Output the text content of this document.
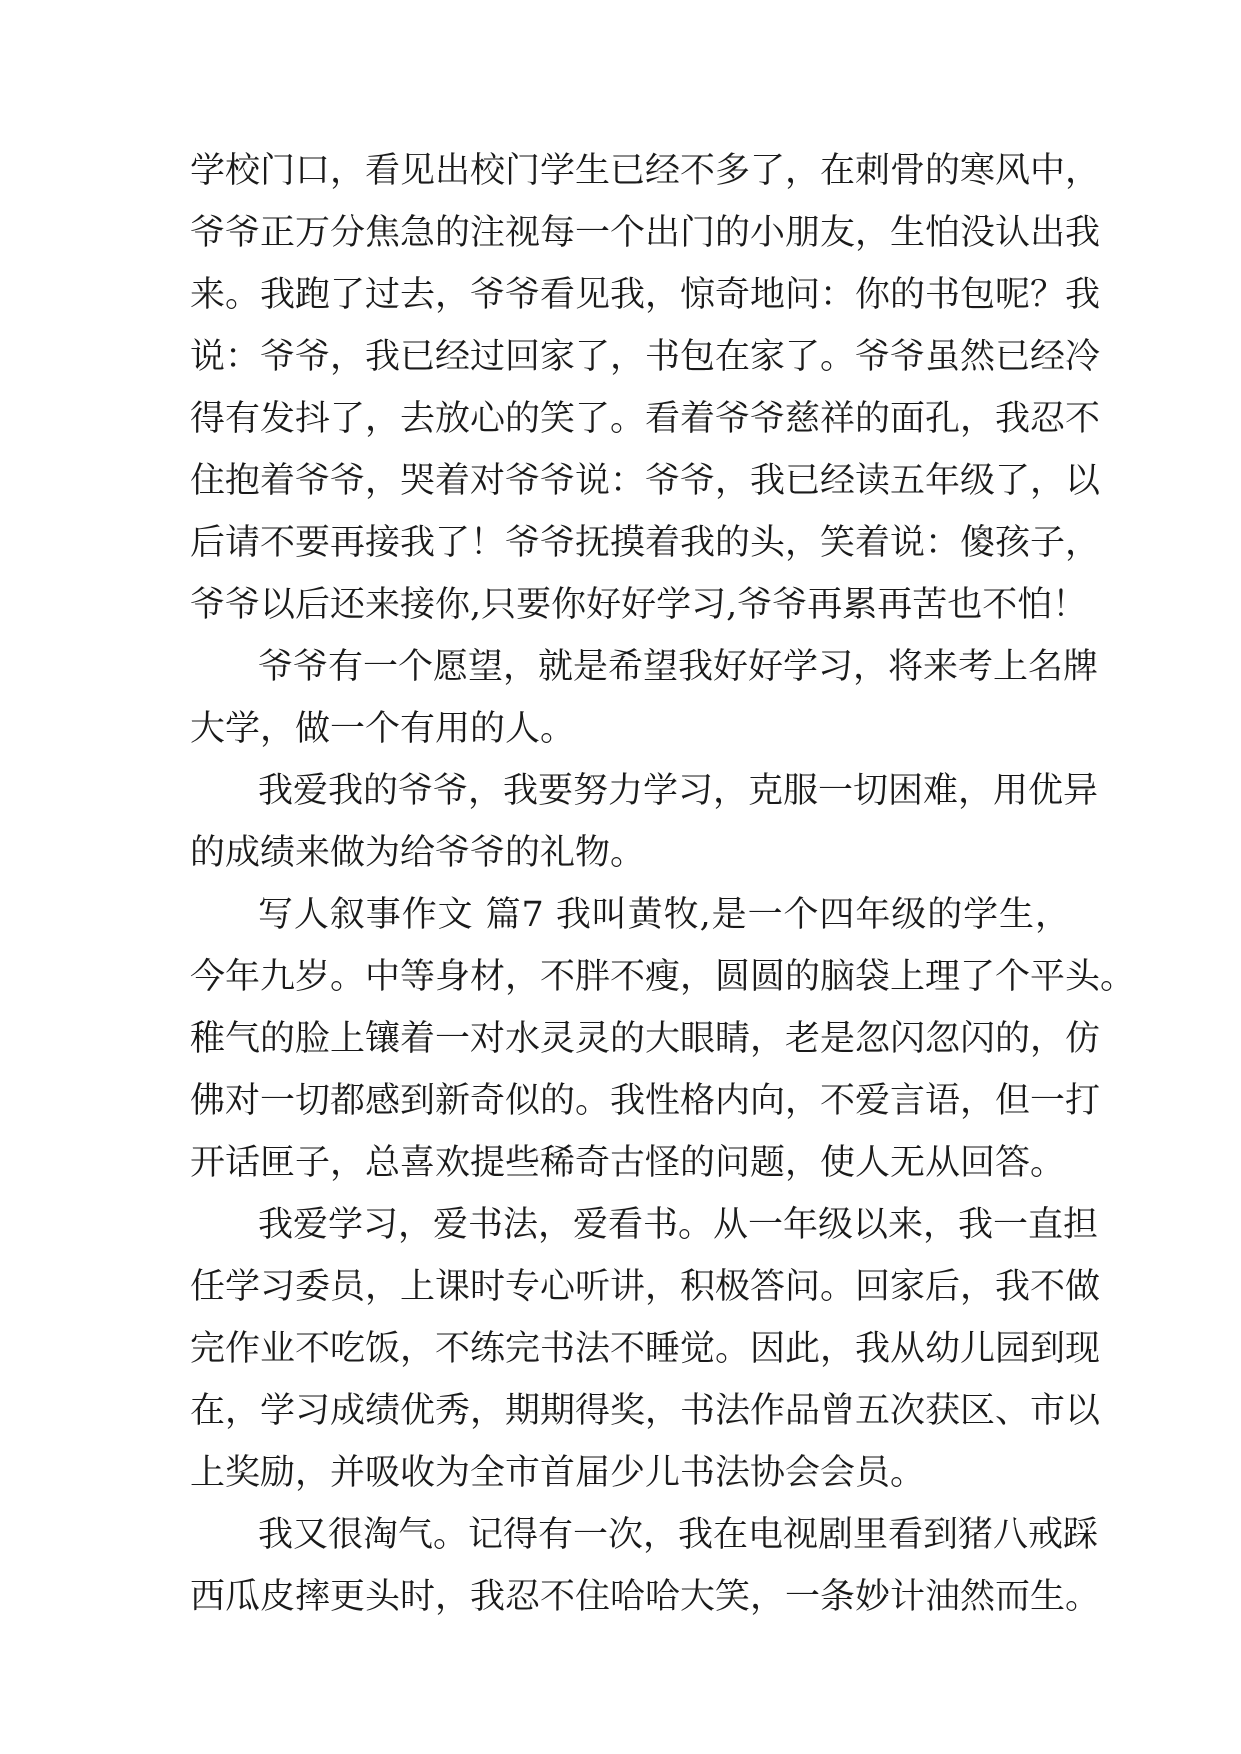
学校门口，看见出校门学生已经不多了，在刺骨的寒风中，

爷爷正万分焦急的注视每一个出门的小朋友，生怕没认出我

来。我跑了过去，爷爷看见我，惊奇地问：你的书包呢？我

说：爷爷，我已经过回家了，书包在家了。爷爷虽然已经冷

得有发抖了，去放心的笑了。看着爷爷慈祥的面孔，我忍不

住抱着爷爷，哭着对爷爷说：爷爷，我已经读五年级了，以

后请不要再接我了！爷爷抚摸着我的头，笑着说：傻孩子，

爷爷以后还来接你,只要你好好学习,爷爷再累再苦也不怕！

爷爷有一个愿望，就是希望我好好学习，将来考上名牌

大学，做一个有用的人。

我爱我的爷爷，我要努力学习，克服一切困难，用优异

的成绩来做为给爷爷的礼物。

写人叙事作文 篇7 我叫黄牧,是一个四年级的学生，

今年九岁。中等身材，不胖不瘦，圆圆的脑袋上理了个平头。

稚气的脸上镶着一对水灵灵的大眼睛，老是忽闪忽闪的，仿

佛对一切都感到新奇似的。我性格内向，不爱言语，但一打

开话匣子，总喜欢提些稀奇古怪的问题，使人无从回答。

我爱学习，爱书法，爱看书。从一年级以来，我一直担

任学习委员，上课时专心听讲，积极答问。回家后，我不做

完作业不吃饭，不练完书法不睡觉。因此，我从幼儿园到现

在，学习成绩优秀，期期得奖，书法作品曾五次获区、市以

上奖励，并吸收为全市首届少儿书法协会会员。

我又很淘气。记得有一次，我在电视剧里看到猪八戒踩

西瓜皮摔更头时，我忍不住哈哈大笑，一条妙计油然而生。
